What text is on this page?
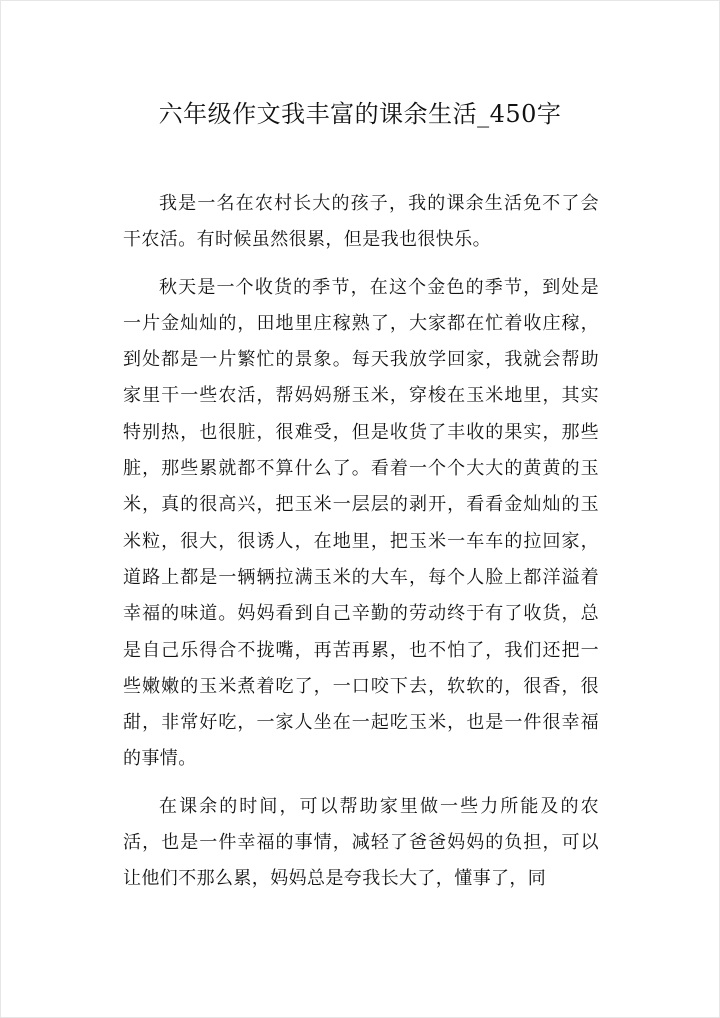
六年级作文我丰富的课余生活_450字

我是一名在农村长大的孩子，我的课余生活免不了会干农活。有时候虽然很累，但是我也很快乐。

秋天是一个收货的季节，在这个金色的季节，到处是一片金灿灿的，田地里庄稼熟了，大家都在忙着收庄稼，到处都是一片繁忙的景象。每天我放学回家，我就会帮助家里干一些农活，帮妈妈掰玉米，穿梭在玉米地里，其实特别热，也很脏，很难受，但是收货了丰收的果实，那些脏，那些累就都不算什么了。看着一个个大大的黄黄的玉米，真的很高兴，把玉米一层层的剥开，看看金灿灿的玉米粒，很大，很诱人，在地里，把玉米一车车的拉回家，道路上都是一辆辆拉满玉米的大车，每个人脸上都洋溢着幸福的味道。妈妈看到自己辛勤的劳动终于有了收货，总是自己乐得合不拢嘴，再苦再累，也不怕了，我们还把一些嫩嫩的玉米煮着吃了，一口咬下去，软软的，很香，很甜，非常好吃，一家人坐在一起吃玉米，也是一件很幸福的事情。

在课余的时间，可以帮助家里做一些力所能及的农活，也是一件幸福的事情，减轻了爸爸妈妈的负担，可以让他们不那么累，妈妈总是夸我长大了，懂事了，同
